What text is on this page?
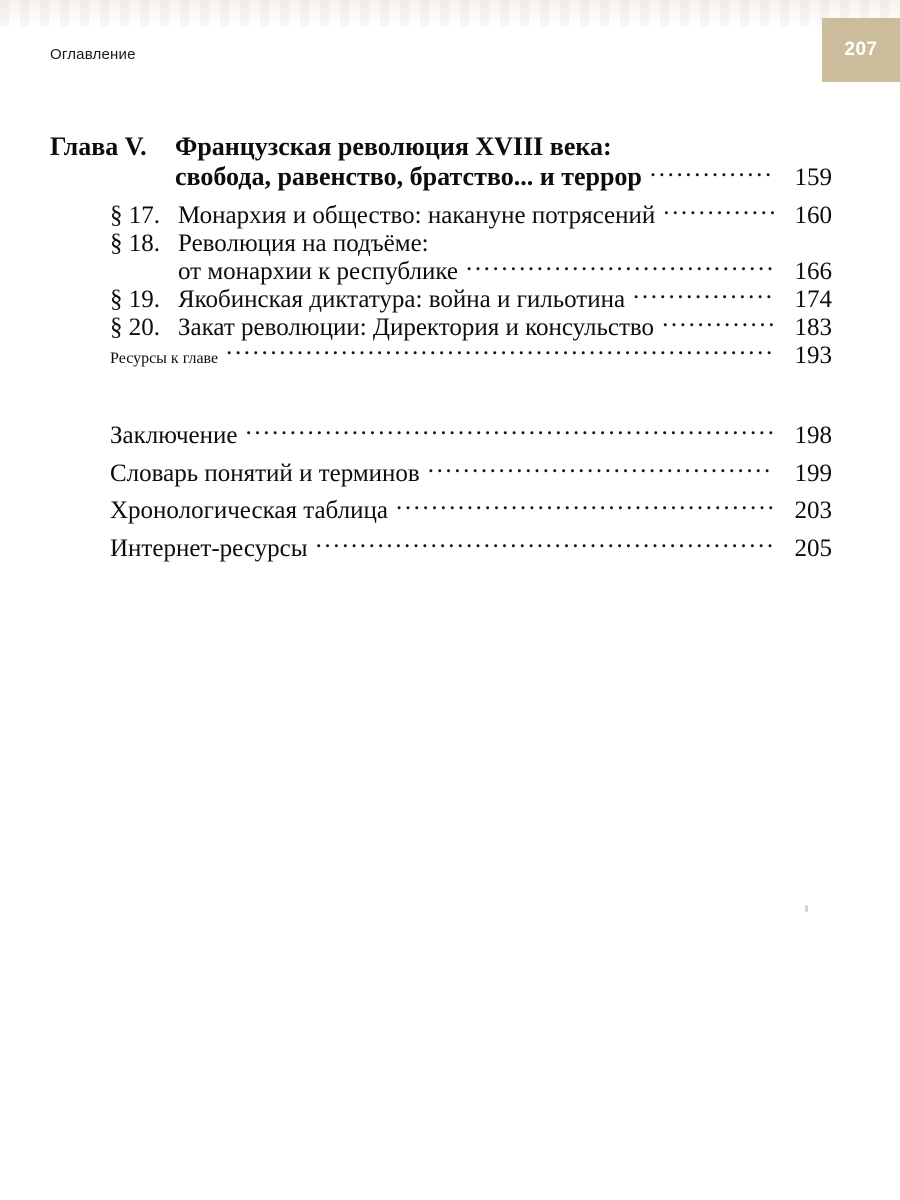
Оглавление	207
Глава V.	Французская революция XVIII века:
свобода, равенство, братство... и террор .....	159
§ 17. Монархия и общество: накануне потрясений .....	160
§ 18. Революция на подъёме:
от монархии к республике .....	166
§ 19. Якобинская диктатура: война и гильотина .....	174
§ 20. Закат революции: Директория и консульство .....	183
Ресурсы к главе .....	193
Заключение .....	198
Словарь понятий и терминов .....	199
Хронологическая таблица .....	203
Интернет-ресурсы .....	205
